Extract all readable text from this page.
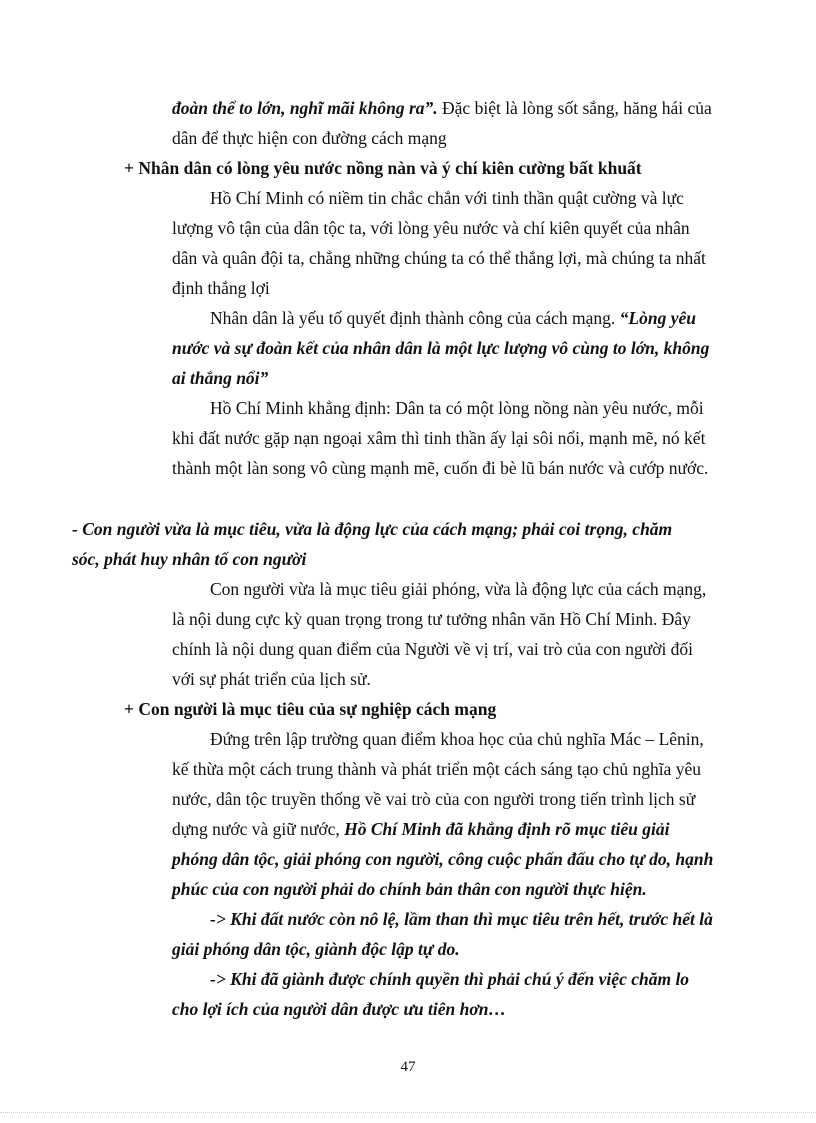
đoàn thể to lớn, nghĩ mãi không ra”. Đặc biệt là lòng sốt sắng, hăng hái của
dân để thực hiện con đường cách mạng
+ Nhân dân có lòng yêu nước nồng nàn và ý chí kiên cường bất khuất
Hồ Chí Minh có niềm tin chắc chắn với tinh thần quật cường và lực
lượng vô tận của dân tộc ta, với lòng yêu nước và chí kiên quyết của nhân
dân và quân đội ta, chẳng những chúng ta có thể thắng lợi, mà chúng ta nhất
định thắng lợi
Nhân dân là yếu tố quyết định thành công của cách mạng. “Lòng yêu
nước và sự đoàn kết của nhân dân là một lực lượng vô cùng to lớn, không
ai thắng nổi”
Hồ Chí Minh khẳng định: Dân ta có một lòng nồng nàn yêu nước, mỗi
khi đất nước gặp nạn ngoại xâm thì tinh thần ấy lại sôi nổi, mạnh mẽ, nó kết
thành một làn song vô cùng mạnh mẽ, cuốn đi bè lũ bán nước và cướp nước.
- Con người vừa là mục tiêu, vừa là động lực của cách mạng; phải coi trọng, chăm
sóc, phát huy nhân tố con người
Con người vừa là mục tiêu giải phóng, vừa là động lực của cách mạng,
là nội dung cực kỳ quan trọng trong tư tưởng nhân văn Hồ Chí Minh. Đây
chính là nội dung quan điểm của Người về vị trí, vai trò của con người đối
với sự phát triển của lịch sử.
+ Con người là mục tiêu của sự nghiệp cách mạng
Đứng trên lập trường quan điểm khoa học của chủ nghĩa Mác – Lênin,
kế thừa một cách trung thành và phát triển một cách sáng tạo chủ nghĩa yêu
nước, dân tộc truyền thống về vai trò của con người trong tiến trình lịch sử
dựng nước và giữ nước, Hồ Chí Minh đã khẳng định rõ mục tiêu giải
phóng dân tộc, giải phóng con người, công cuộc phấn đấu cho tự do, hạnh
phúc của con người phải do chính bản thân con người thực hiện.
-> Khi đất nước còn nô lệ, lầm than thì mục tiêu trên hết, trước hết là
giải phóng dân tộc, giành độc lập tự do.
-> Khi đã giành được chính quyền thì phải chú ý đến việc chăm lo
cho lợi ích của người dân được ưu tiên hơn…
47
